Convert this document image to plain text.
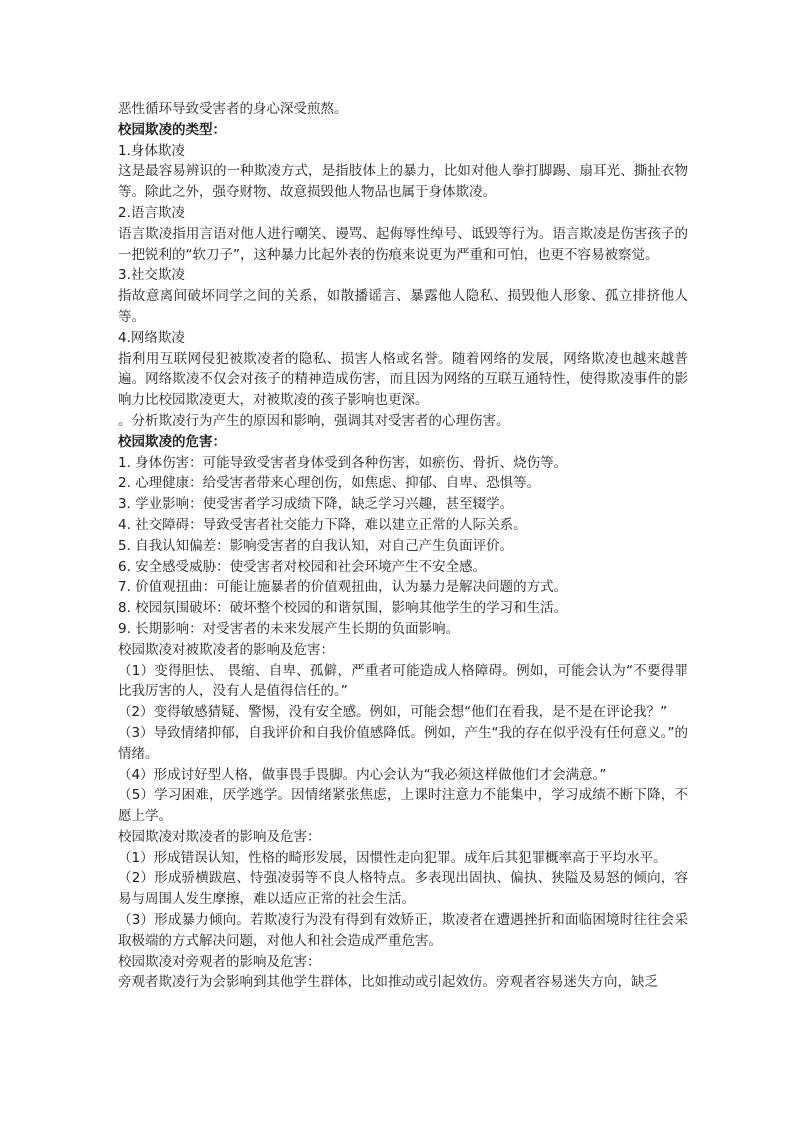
恶性循环导致受害者的身心深受煎熬。

校园欺凌的类型：

1.身体欺凌

这是最容易辨识的一种欺凌方式，是指肢体上的暴力，比如对他人拳打脚踢、扇耳光、撕扯衣物等。除此之外，强夺财物、故意损毁他人物品也属于身体欺凌。

2.语言欺凌

语言欺凌指用言语对他人进行嘲笑、谩骂、起侮辱性绰号、诋毁等行为。语言欺凌是伤害孩子的一把锐利的“软刀子”，这种暴力比起外表的伤痕来说更为严重和可怕，也更不容易被察觉。

3.社交欺凌

指故意离间破坏同学之间的关系，如散播谣言、暴露他人隐私、损毁他人形象、孤立排挤他人等。

4.网络欺凌

指利用互联网侵犯被欺凌者的隐私、损害人格或名誉。随着网络的发展，网络欺凌也越来越普遍。网络欺凌不仅会对孩子的精神造成伤害，而且因为网络的互联互通特性，使得欺凌事件的影响力比校园欺凌更大，对被欺凌的孩子影响也更深。

。分析欺凌行为产生的原因和影响，强调其对受害者的心理伤害。

校园欺凌的危害：

1. 身体伤害：可能导致受害者身体受到各种伤害，如瘀伤、骨折、烧伤等。

2. 心理健康：给受害者带来心理创伤，如焦虑、抑郁、自卑、恐惧等。

3. 学业影响：使受害者学习成绩下降，缺乏学习兴趣，甚至辍学。

4. 社交障碍：导致受害者社交能力下降，难以建立正常的人际关系。

5. 自我认知偏差：影响受害者的自我认知，对自己产生负面评价。

6. 安全感受威胁：使受害者对校园和社会环境产生不安全感。

7. 价值观扭曲：可能让施暴者的价值观扭曲，认为暴力是解决问题的方式。

8. 校园氛围破坏：破坏整个校园的和谐氛围，影响其他学生的学习和生活。

9. 长期影响：对受害者的未来发展产生长期的负面影响。

校园欺凌对被欺凌者的影响及危害：

（1）变得胆怯、 畏缩、自卑、孤僻，严重者可能造成人格障碍。例如，可能会认为“不要得罪比我厉害的人，没有人是值得信任的。”

（2）变得敏感猜疑、警惕，没有安全感。例如，可能会想“他们在看我，是不是在评论我？”

（3）导致情绪抑郁，自我评价和自我价值感降低。例如，产生“我的存在似乎没有任何意义。”的情绪。

（4）形成讨好型人格，做事畏手畏脚。内心会认为“我必须这样做他们才会满意。”

（5）学习困难，厌学逃学。因情绪紧张焦虑，上课时注意力不能集中，学习成绩不断下降，不愿上学。

校园欺凌对欺凌者的影响及危害：

（1）形成错误认知，性格的畸形发展，因惯性走向犯罪。成年后其犯罪概率高于平均水平。

（2）形成骄横跋扈、恃强凌弱等不良人格特点。多表现出固执、偏执、狭隘及易怒的倾向，容易与周围人发生摩擦，难以适应正常的社会生活。

（3）形成暴力倾向。若欺凌行为没有得到有效矫正，欺凌者在遭遇挫折和面临困境时往往会采取极端的方式解决问题，对他人和社会造成严重危害。

校园欺凌对旁观者的影响及危害：

旁观者欺凌行为会影响到其他学生群体，比如推动或引起效仿。旁观者容易迷失方向，缺乏
